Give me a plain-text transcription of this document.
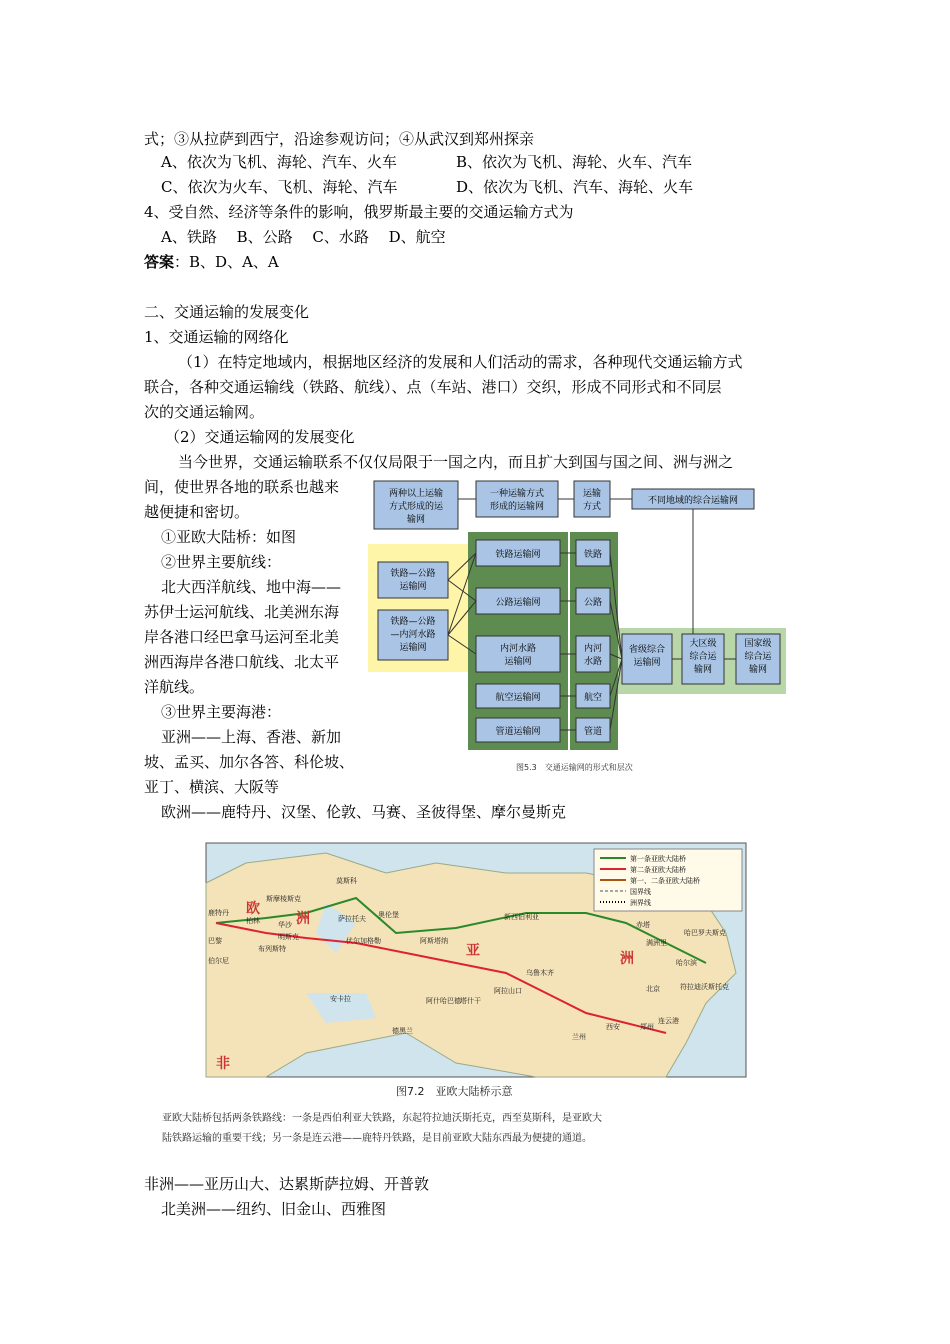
式；③从拉萨到西宁，沿途参观访问；④从武汉到郑州探亲
A、依次为飞机、海轮、汽车、火车	B、依次为飞机、海轮、火车、汽车
C、依次为火车、飞机、海轮、汽车	D、依次为飞机、汽车、海轮、火车
4、受自然、经济等条件的影响，俄罗斯最主要的交通运输方式为
A、铁路　 B、公路　 C、水路　 D、航空
答案：B、D、A、A
二、交通运输的发展变化
1、交通运输的网络化
（1）在特定地域内，根据地区经济的发展和人们活动的需求，各种现代交通运输方式
联合，各种交通运输线（铁路、航线）、点（车站、港口）交织，形成不同形式和不同层
次的交通运输网。
（2）交通运输网的发展变化
当今世界，交通运输联系不仅仅局限于一国之内，而且扩大到国与国之间、洲与洲之
间，使世界各地的联系也越来
越便捷和密切。
①亚欧大陆桥：如图
②世界主要航线：
北大西洋航线、地中海——
苏伊士运河航线、北美洲东海
岸各港口经巴拿马运河至北美
洲西海岸各港口航线、北太平
洋航线。
③世界主要海港：
亚洲——上海、香港、新加
坡、孟买、加尔各答、科伦坡、
亚丁、横滨、大阪等
欧洲——鹿特丹、汉堡、伦敦、马赛、圣彼得堡、摩尔曼斯克
非洲——亚历山大、达累斯萨拉姆、开普敦
北美洲——纽约、旧金山、西雅图
两种以上运输方式形成的运输网
一种运输方式形成的运输网
运输方式
不同地域的综合运输网
铁路—公路运输网
铁路—公路—内河水路运输网
铁路运输网
公路运输网
内河水路运输网
航空运输网
管道运输网
铁路
公路
内河水路
航空
管道
省级综合运输网
大区级综合运输网
国家级综合运输网
图5.3　交通运输网的形式和层次
第一条亚欧大陆桥
第二条亚欧大陆桥
第一、二条亚欧大陆桥
国界线
洲界线
莫斯科
斯摩棱斯克
鹿特丹
柏林	华沙
明斯克
布列斯特
巴黎
伯尔尼
萨拉托夫 奥伦堡
伏尔加格勒	阿斯塔纳
新西伯利亚
赤塔
满洲里
哈巴罗夫斯克
哈尔滨
北京	符拉迪沃斯托克
阿拉山口
乌鲁木齐
兰州
西安	郑州
连云港
德黑兰
阿什哈巴德 塔什干
安卡拉
欧
洲
亚	洲
非
图7.2　亚欧大陆桥示意
亚欧大陆桥包括两条铁路线：一条是西伯利亚大铁路，东起符拉迪沃斯托克，西至莫斯科，是亚欧大
陆铁路运输的重要干线；另一条是连云港——鹿特丹铁路，是目前亚欧大陆东西最为便捷的通道。
